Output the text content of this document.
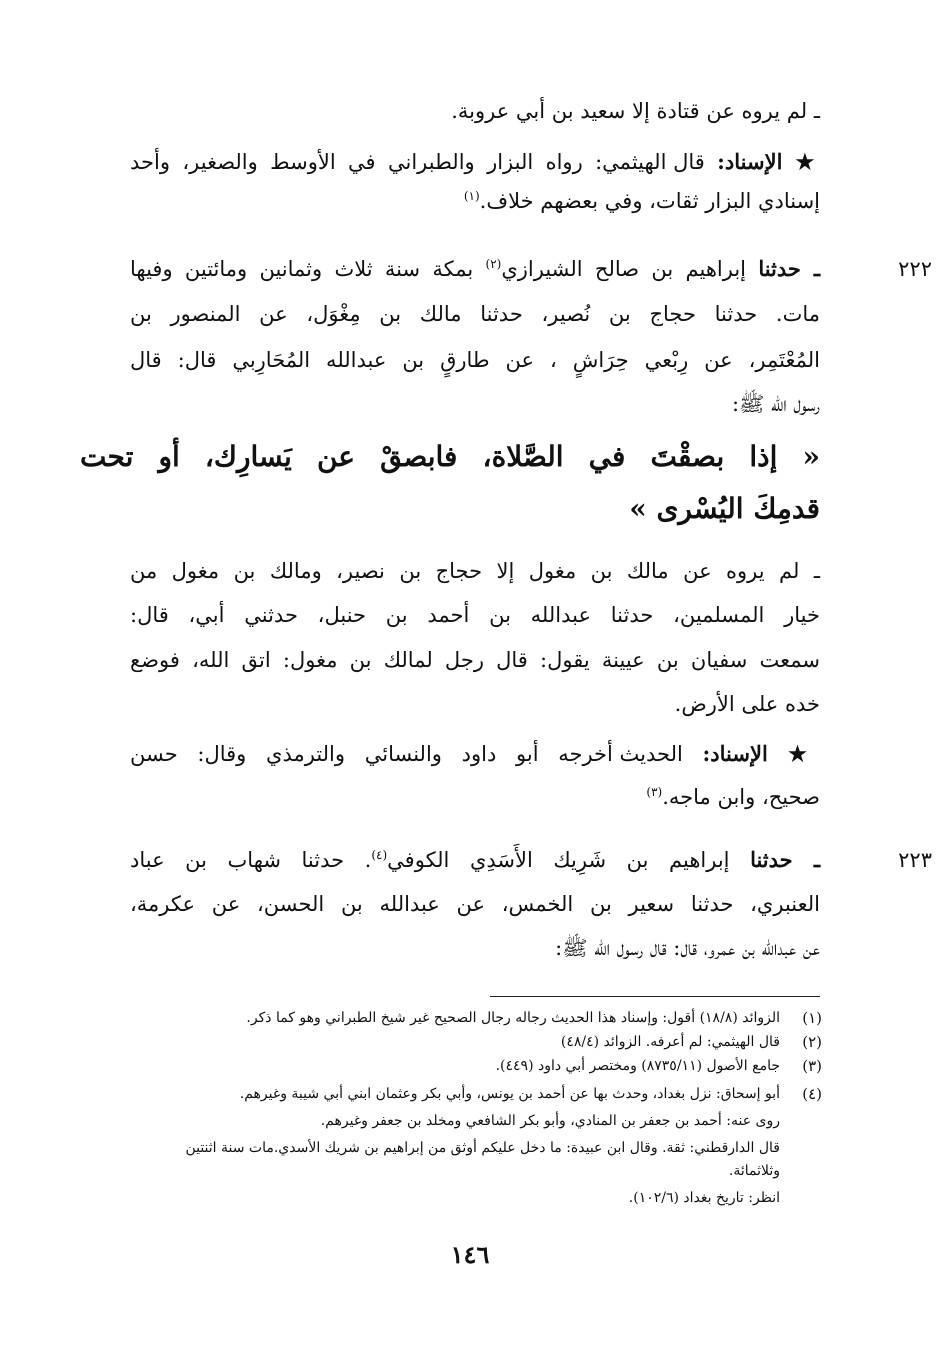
ـ لم يروه عن قتادة إلا سعيد بن أبي عروبة.
★ الإسناد: قال الهيثمي: رواه البزار والطبراني في الأوسط والصغير، وأحد
إسنادي البزار ثقات، وفي بعضهم خلاف.$^{(١)}$
٢٢٢
ـ حدثنا إبراهيم بن صالح الشيرازي$^{(٢)}$ بمكة سنة ثلاث وثمانين ومائتين وفيها
مات. حدثنا حجاج بن نُصير، حدثنا مالك بن مِغْوَل، عن المنصور بن
المُعْتَمِر، عن رِبْعي حِرَاشٍ ، عن طارقٍ بن عبدالله المُحَارِبي قال: قال
رسول الله ﷺ:
« إذا بصقْتَ في الصَّلاة، فابصقْ عن يَسارِك، أو تحت
قدمِكَ اليُسْرى »
ـ لم يروه عن مالك بن مغول إلا حجاج بن نصير، ومالك بن مغول من
خيار المسلمين، حدثنا عبدالله بن أحمد بن حنبل، حدثني أبي، قال:
سمعت سفيان بن عيينة يقول: قال رجل لمالك بن مغول: اتق الله، فوضع
خده على الأرض.
★ الإسناد: الحديث أخرجه أبو داود والنسائي والترمذي وقال: حسن
صحيح، وابن ماجه.$^{(٣)}$
٢٢٣
ـ حدثنا إبراهيم بن شَرِيك الأَسَدِي الكوفي$^{(٤)}$. حدثنا شهاب بن عباد
العنبري، حدثنا سعير بن الخمس، عن عبدالله بن الحسن، عن عكرمة،
عن عبدالله بن عمرو، قال: قال رسول الله ﷺ:
(١)
الزوائد (١٨/٨) أقول: وإسناد هذا الحديث رجاله رجال الصحيح غير شيخ الطبراني وهو كما ذكر.
(٢)
قال الهيثمي: لم أعرفه. الزوائد (٤٨/٤)
(٣)
جامع الأصول (٨٧٣٥/١١) ومختصر أبي داود (٤٤٩).
(٤)
أبو إسحاق: نزل بغداد، وحدث بها عن أحمد بن يونس، وأبي بكر وعثمان ابني أبي شيبة وغيرهم.
روى عنه: أحمد بن جعفر بن المنادي، وأبو بكر الشافعي ومخلد بن جعفر وغيرهم.
قال الدارقطني: ثقة. وقال ابن عبيدة: ما دخل عليكم أوثق من إبراهيم بن شريك الأسدي.مات سنة اثنتين
وثلاثمائة.
انظر: تاريخ بغداد (١٠٢/٦).
١٤٦
